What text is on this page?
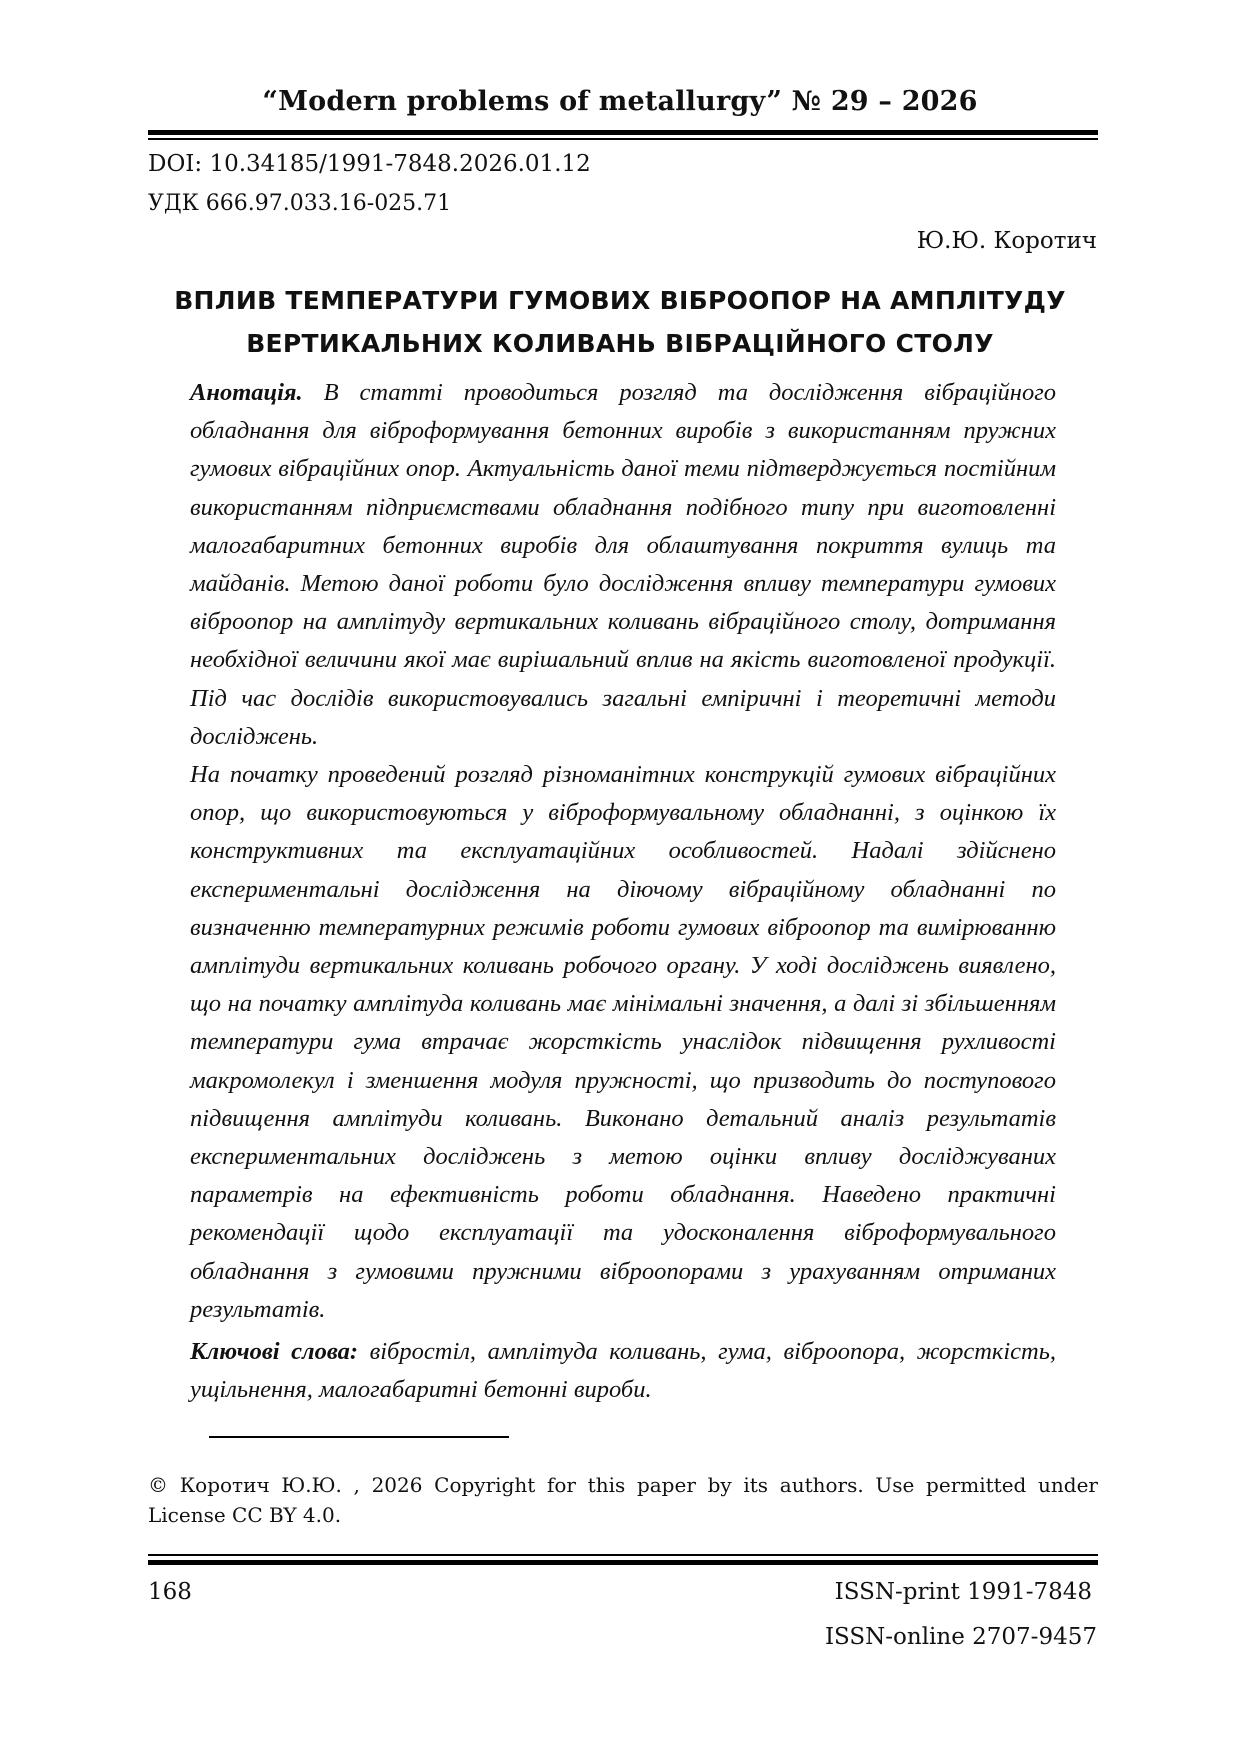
“Modern problems of metallurgy” № 29 – 2026
DOI: 10.34185/1991-7848.2026.01.12
УДК 666.97.033.16-025.71
Ю.Ю. Коротич
ВПЛИВ ТЕМПЕРАТУРИ ГУМОВИХ ВІБРООПОР НА АМПЛІТУДУ
ВЕРТИКАЛЬНИХ КОЛИВАНЬ ВІБРАЦІЙНОГО СТОЛУ

Анотація. В статті проводиться розгляд та дослідження вібраційного обладнання для віброформування бетонних виробів з використанням пружних гумових вібраційних опор. Актуальність даної теми підтверджується постійним використанням підприємствами обладнання подібного типу при виготовленні малогабаритних бетонних виробів для облаштування покриття вулиць та майданів. Метою даної роботи було дослідження впливу температури гумових віброопор на амплітуду вертикальних коливань вібраційного столу, дотримання необхідної величини якої має вирішальний вплив на якість виготовленої продукції. Під час дослідів використовувались загальні емпіричні і теоретичні методи досліджень.

На початку проведений розгляд різноманітних конструкцій гумових вібраційних опор, що використовуються у віброформувальному обладнанні, з оцінкою їх конструктивних та експлуатаційних особливостей. Надалі здійснено експериментальні дослідження на діючому вібраційному обладнанні по визначенню температурних режимів роботи гумових віброопор та вимірюванню амплітуди вертикальних коливань робочого органу. У ході досліджень виявлено, що на початку амплітуда коливань має мінімальні значення, а далі зі збільшенням температури гума втрачає жорсткість унаслідок підвищення рухливості макромолекул і зменшення модуля пружності, що призводить до поступового підвищення амплітуди коливань. Виконано детальний аналіз результатів експериментальних досліджень з метою оцінки впливу досліджуваних параметрів на ефективність роботи обладнання. Наведено практичні рекомендації щодо експлуатації та удосконалення віброформувального обладнання з гумовими пружними віброопорами з урахуванням отриманих результатів.

Ключові слова: вібростіл, амплітуда коливань, гума, віброопора, жорсткість, ущільнення, малогабаритні бетонні вироби.

© Коротич Ю.Ю. , 2026 Copyright for this paper by its authors. Use permitted under License CC BY 4.0.
168	ISSN-print 1991-7848
ISSN-online 2707-9457
